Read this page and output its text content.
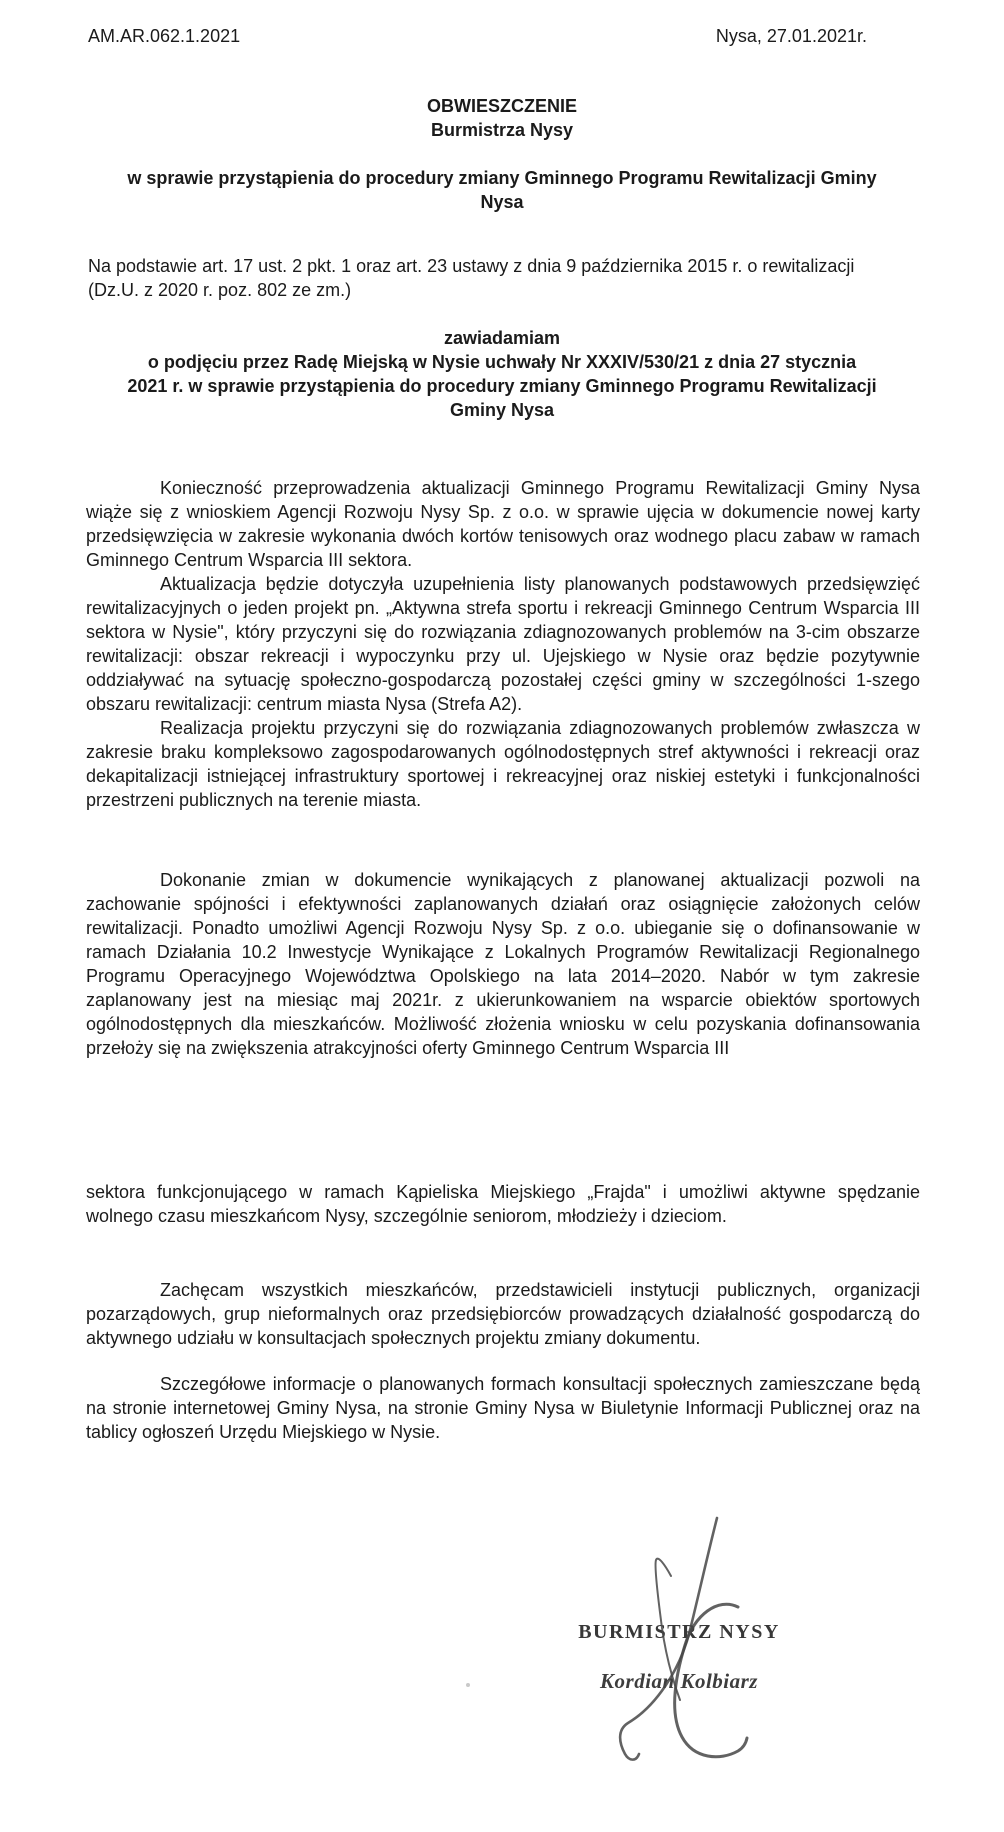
AM.AR.062.1.2021	Nysa, 27.01.2021r.
OBWIESZCZENIE
Burmistrza Nysy
w sprawie przystąpienia do procedury zmiany Gminnego Programu Rewitalizacji Gminy
Nysa
Na podstawie art. 17 ust. 2 pkt. 1 oraz art. 23 ustawy z dnia 9 października 2015 r. o rewitalizacji
(Dz.U. z 2020 r. poz. 802 ze zm.)
zawiadamiam
o podjęciu przez Radę Miejską w Nysie uchwały Nr XXXIV/530/21 z dnia 27 stycznia
2021 r. w sprawie przystąpienia do procedury zmiany Gminnego Programu Rewitalizacji
Gminy Nysa

Konieczność przeprowadzenia aktualizacji Gminnego Programu Rewitalizacji Gminy Nysa wiąże się z wnioskiem Agencji Rozwoju Nysy Sp. z o.o. w sprawie ujęcia w dokumencie nowej karty przedsięwzięcia w zakresie wykonania dwóch kortów tenisowych oraz wodnego placu zabaw w ramach Gminnego Centrum Wsparcia III sektora.

Aktualizacja będzie dotyczyła uzupełnienia listy planowanych podstawowych przedsięwzięć rewitalizacyjnych o jeden projekt pn. „Aktywna strefa sportu i rekreacji Gminnego Centrum Wsparcia III sektora w Nysie", który przyczyni się do rozwiązania zdiagnozowanych problemów na 3-cim obszarze rewitalizacji: obszar rekreacji i wypoczynku przy ul. Ujejskiego w Nysie oraz będzie pozytywnie oddziaływać na sytuację społeczno-gospodarczą pozostałej części gminy w szczególności 1-szego obszaru rewitalizacji: centrum miasta Nysa (Strefa A2).

Realizacja projektu przyczyni się do rozwiązania zdiagnozowanych problemów zwłaszcza w zakresie braku kompleksowo zagospodarowanych ogólnodostępnych stref aktywności i rekreacji oraz dekapitalizacji istniejącej infrastruktury sportowej i rekreacyjnej oraz niskiej estetyki i funkcjonalności przestrzeni publicznych na terenie miasta.

Dokonanie zmian w dokumencie wynikających z planowanej aktualizacji pozwoli na zachowanie spójności i efektywności zaplanowanych działań oraz osiągnięcie założonych celów rewitalizacji. Ponadto umożliwi Agencji Rozwoju Nysy Sp. z o.o. ubieganie się o dofinansowanie w ramach Działania 10.2 Inwestycje Wynikające z Lokalnych Programów Rewitalizacji Regionalnego Programu Operacyjnego Województwa Opolskiego na lata 2014–2020. Nabór w tym zakresie zaplanowany jest na miesiąc maj 2021r. z ukierunkowaniem na wsparcie obiektów sportowych ogólnodostępnych dla mieszkańców. Możliwość złożenia wniosku w celu pozyskania dofinansowania przełoży się na zwiększenia atrakcyjności oferty Gminnego Centrum Wsparcia III

sektora funkcjonującego w ramach Kąpieliska Miejskiego „Frajda" i umożliwi aktywne spędzanie wolnego czasu mieszkańcom Nysy, szczególnie seniorom, młodzieży i dzieciom.

Zachęcam wszystkich mieszkańców, przedstawicieli instytucji publicznych, organizacji pozarządowych, grup nieformalnych oraz przedsiębiorców prowadzących działalność gospodarczą do aktywnego udziału w konsultacjach społecznych projektu zmiany dokumentu.

Szczegółowe informacje o planowanych formach konsultacji społecznych zamieszczane będą na stronie internetowej Gminy Nysa, na stronie Gminy Nysa w Biuletynie Informacji Publicznej oraz na tablicy ogłoszeń Urzędu Miejskiego w Nysie.

BURMISTRZ NYSY
Kordian Kolbiarz
